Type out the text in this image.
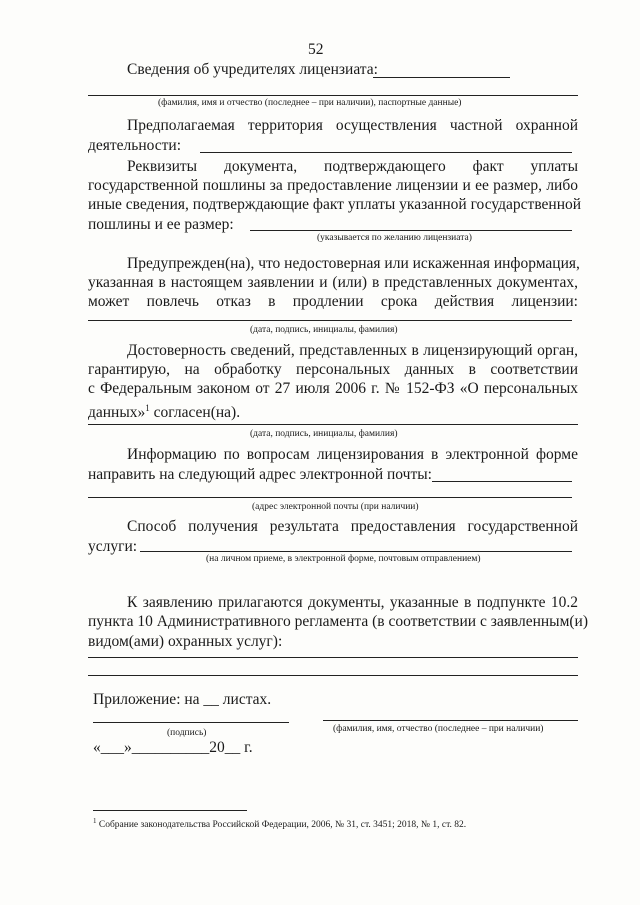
52
Сведения об учредителях лицензиата:
(фамилия, имя и отчество (последнее – при наличии), паспортные данные)
Предполагаемая территория осуществления частной охранной
деятельности:
Реквизиты документа, подтверждающего факт уплаты
государственной пошлины за предоставление лицензии и ее размер, либо
иные сведения, подтверждающие факт уплаты указанной государственной
пошлины и ее размер:
(указывается по желанию лицензиата)
Предупрежден(на), что недостоверная или искаженная информация,
указанная в настоящем заявлении и (или) в представленных документах,
может повлечь отказ в продлении срока действия лицензии:
(дата, подпись, инициалы, фамилия)
Достоверность сведений, представленных в лицензирующий орган,
гарантирую, на обработку персональных данных в соответствии
с Федеральным законом от 27 июля 2006 г. № 152-ФЗ «О персональных
данных»$^1$ согласен(на).
(дата, подпись, инициалы, фамилия)
Информацию по вопросам лицензирования в электронной форме
направить на следующий адрес электронной почты:
(адрес электронной почты (при наличии)
Способ получения результата предоставления государственной
услуги:
(на личном приеме, в электронной форме, почтовым отправлением)
К заявлению прилагаются документы, указанные в подпункте 10.2
пункта 10 Административного регламента (в соответствии с заявленным(и)
видом(ами) охранных услуг):
Приложение: на __ листах.
(подпись)	(фамилия, имя, отчество (последнее – при наличии)
«___»__________20__ г.
$^1$ Собрание законодательства Российской Федерации, 2006, № 31, ст. 3451; 2018, № 1, ст. 82.
